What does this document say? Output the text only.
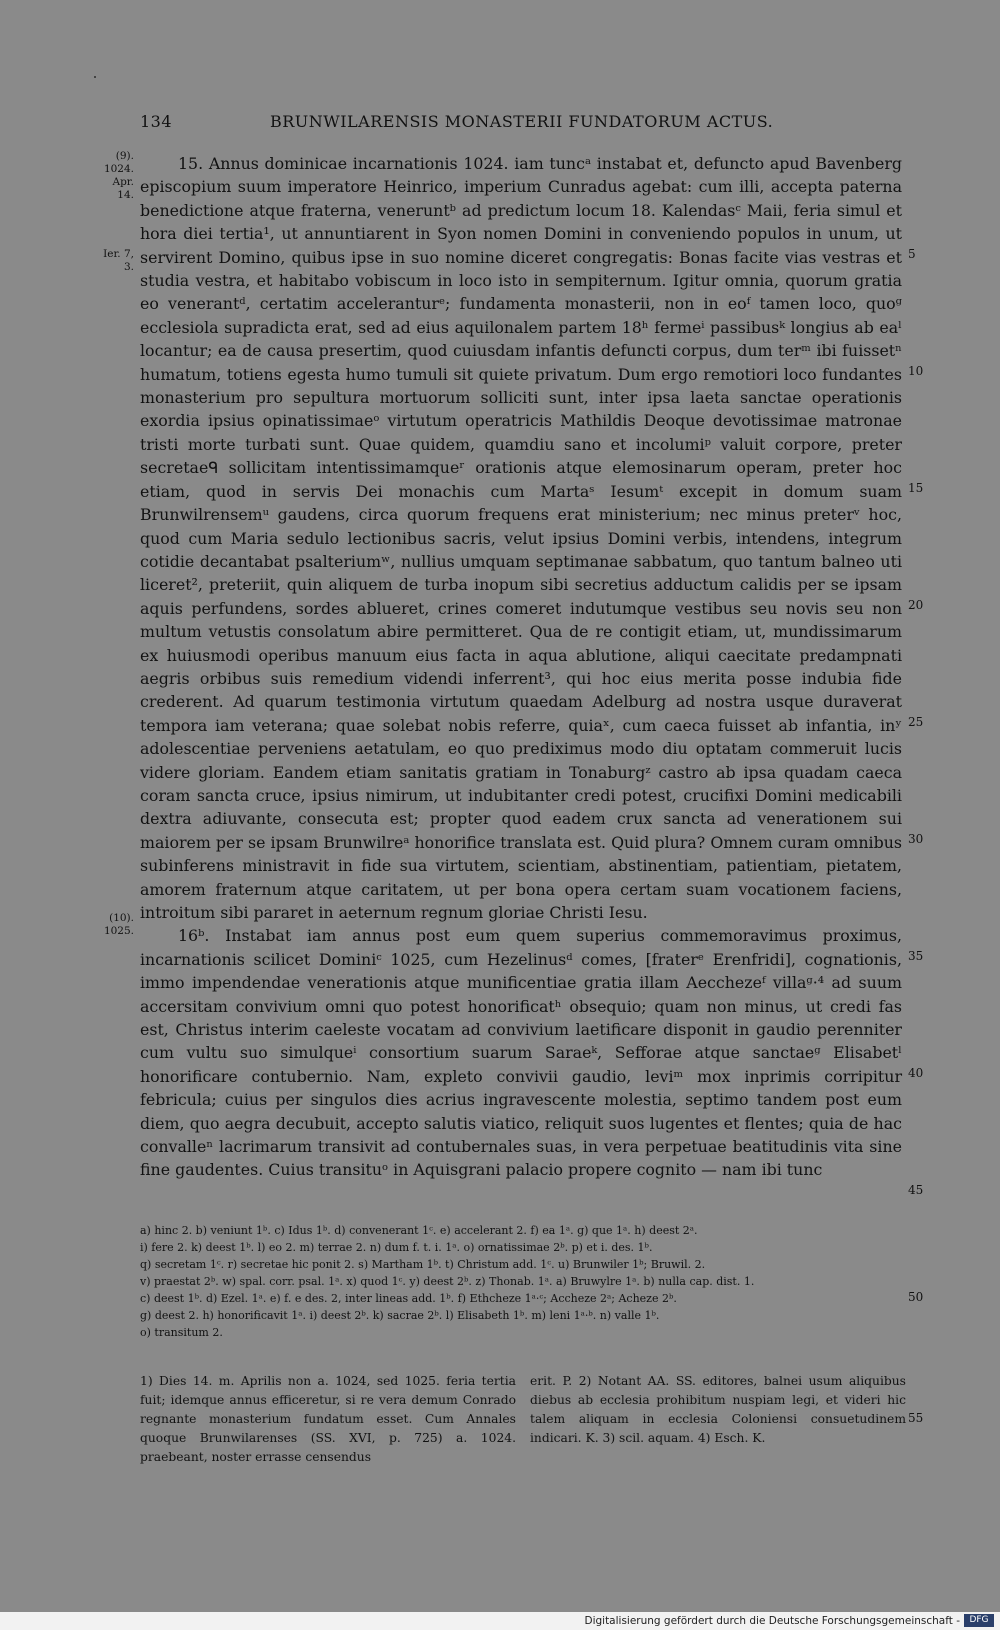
134	BRUNWILARENSIS MONASTERII FUNDATORUM ACTUS.
(9). 1024. Apr. 14.
Ier. 7, 3.
(10). 1025.

15. Annus dominicae incarnationis 1024. iam tuncᵃ instabat et, defuncto apud Bavenberg episcopium suum imperatore Heinrico, imperium Cunradus agebat: cum illi, accepta paterna benedictione atque fraterna, veneruntᵇ ad predictum locum 18. Kalendasᶜ Maii, feria simul et hora diei tertia¹, ut annuntiarent in Syon nomen Domini in conveniendo populos in unum, ut servirent Domino, quibus ipse in suo nomine diceret congregatis: Bonas facite vias vestras et studia vestra, et habitabo vobiscum in loco isto in sempiternum. Igitur omnia, quorum gratia eo venerantᵈ, certatim acceleranturᵉ; fundamenta monasterii, non in eoᶠ tamen loco, quoᵍ ecclesiola supradicta erat, sed ad eius aquilonalem partem 18ʰ fermeⁱ passibusᵏ longius ab eaˡ locantur; ea de causa presertim, quod cuiusdam infantis defuncti corpus, dum terᵐ ibi fuissetⁿ humatum, totiens egesta humo tumuli sit quiete privatum. Dum ergo remotiori loco fundantes monasterium pro sepultura mortuorum solliciti sunt, inter ipsa laeta sanctae operationis exordia ipsius opinatissimaeᵒ virtutum operatricis Mathildis Deoque devotissimae matronae tristi morte turbati sunt. Quae quidem, quamdiu sano et incolumiᵖ valuit corpore, preter secretaeᑫ sollicitam intentissimamqueʳ orationis atque elemosinarum operam, preter hoc etiam, quod in servis Dei monachis cum Martaˢ Iesumᵗ excepit in domum suam Brunwilrensemᵘ gaudens, circa quorum frequens erat ministerium; nec minus preterᵛ hoc, quod cum Maria sedulo lectionibus sacris, velut ipsius Domini verbis, intendens, integrum cotidie decantabat psalteriumʷ, nullius umquam septimanae sabbatum, quo tantum balneo uti liceret², preteriit, quin aliquem de turba inopum sibi secretius adductum calidis per se ipsam aquis perfundens, sordes ablueret, crines comeret indutumque vestibus seu novis seu non multum vetustis consolatum abire permitteret. Qua de re contigit etiam, ut, mundissimarum ex huiusmodi operibus manuum eius facta in aqua ablutione, aliqui caecitate predampnati aegris orbibus suis remedium videndi inferrent³, qui hoc eius merita posse indubia fide crederent. Ad quarum testimonia virtutum quaedam Adelburg ad nostra usque duraverat tempora iam veterana; quae solebat nobis referre, quiaˣ, cum caeca fuisset ab infantia, inʸ adolescentiae perveniens aetatulam, eo quo prediximus modo diu optatam commeruit lucis videre gloriam. Eandem etiam sanitatis gratiam in Tonaburgᶻ castro ab ipsa quadam caeca coram sancta cruce, ipsius nimirum, ut indubitanter credi potest, crucifixi Domini medicabili dextra adiuvante, consecuta est; propter quod eadem crux sancta ad venerationem sui maiorem per se ipsam Brunwilreᵃ honorifice translata est. Quid plura? Omnem curam omnibus subinferens ministravit in fide sua virtutem, scientiam, abstinentiam, patientiam, pietatem, amorem fraternum atque caritatem, ut per bona opera certam suam vocationem faciens, introitum sibi pararet in aeternum regnum gloriae Christi Iesu.

16ᵇ. Instabat iam annus post eum quem superius commemoravimus proximus, incarnationis scilicet Dominiᶜ 1025, cum Hezelinusᵈ comes, [fraterᵉ Erenfridi], cognationis, immo impendendae venerationis atque munificentiae gratia illam Aecchezeᶠ villaᵍ·⁴ ad suum accersitam convivium omni quo potest honorificatʰ obsequio; quam non minus, ut credi fas est, Christus interim caeleste vocatam ad convivium laetificare disponit in gaudio perenniter cum vultu suo simulqueⁱ consortium suarum Saraeᵏ, Sefforae atque sanctaeᵍ Elisabetˡ honorificare contubernio. Nam, expleto convivii gaudio, leviᵐ mox inprimis corripitur febricula; cuius per singulos dies acrius ingravescente molestia, septimo tandem post eum diem, quo aegra decubuit, accepto salutis viatico, reliquit suos lugentes et flentes; quia de hac convalleⁿ lacrimarum transivit ad contubernales suas, in vera perpetuae beatitudinis vita sine fine gaudentes. Cuius transituᵒ in Aquisgrani palacio propere cognito — nam ibi tunc

5
10
15
20
25
30
35
40
45
a) hinc 2. b) veniunt 1ᵇ. c) Idus 1ᵇ. d) convenerant 1ᶜ. e) accelerant 2. f) ea 1ᵃ. g) que 1ᵃ. h) deest 2ᵃ.
i) fere 2. k) deest 1ᵇ. l) eo 2. m) terrae 2. n) dum f. t. i. 1ᵃ. o) ornatissimae 2ᵇ. p) et i. des. 1ᵇ.
q) secretam 1ᶜ. r) secretae hic ponit 2. s) Martham 1ᵇ. t) Christum add. 1ᶜ. u) Brunwiler 1ᵇ; Bruwil. 2.
v) praestat 2ᵇ. w) spal. corr. psal. 1ᵃ. x) quod 1ᶜ. y) deest 2ᵇ. z) Thonab. 1ᵃ. a) Bruwylre 1ᵃ. b) nulla cap. dist. 1.
c) deest 1ᵇ. d) Ezel. 1ᵃ. e) f. e des. 2, inter lineas add. 1ᵇ. f) Ethcheze 1ᵃ·ᶜ; Accheze 2ᵃ; Acheze 2ᵇ.
g) deest 2. h) honorificavit 1ᵃ. i) deest 2ᵇ. k) sacrae 2ᵇ. l) Elisabeth 1ᵇ. m) leni 1ᵃ·ᵇ. n) valle 1ᵇ.
o) transitum 2.
50
1) Dies 14. m. Aprilis non a. 1024, sed 1025. feria tertia fuit; idemque annus efficeretur, si re vera demum Conrado regnante monasterium fundatum esset. Cum Annales quoque Brunwilarenses (SS. XVI, p. 725) a. 1024. praebeant, noster errasse censendus
erit. P. 2) Notant AA. SS. editores, balnei usum aliquibus diebus ab ecclesia prohibitum nuspiam legi, et videri hic talem aliquam in ecclesia Coloniensi consuetudinem indicari. K. 3) scil. aquam. 4) Esch. K.
55
Digitalisierung gefördert durch die Deutsche Forschungsgemeinschaft -	DFG
